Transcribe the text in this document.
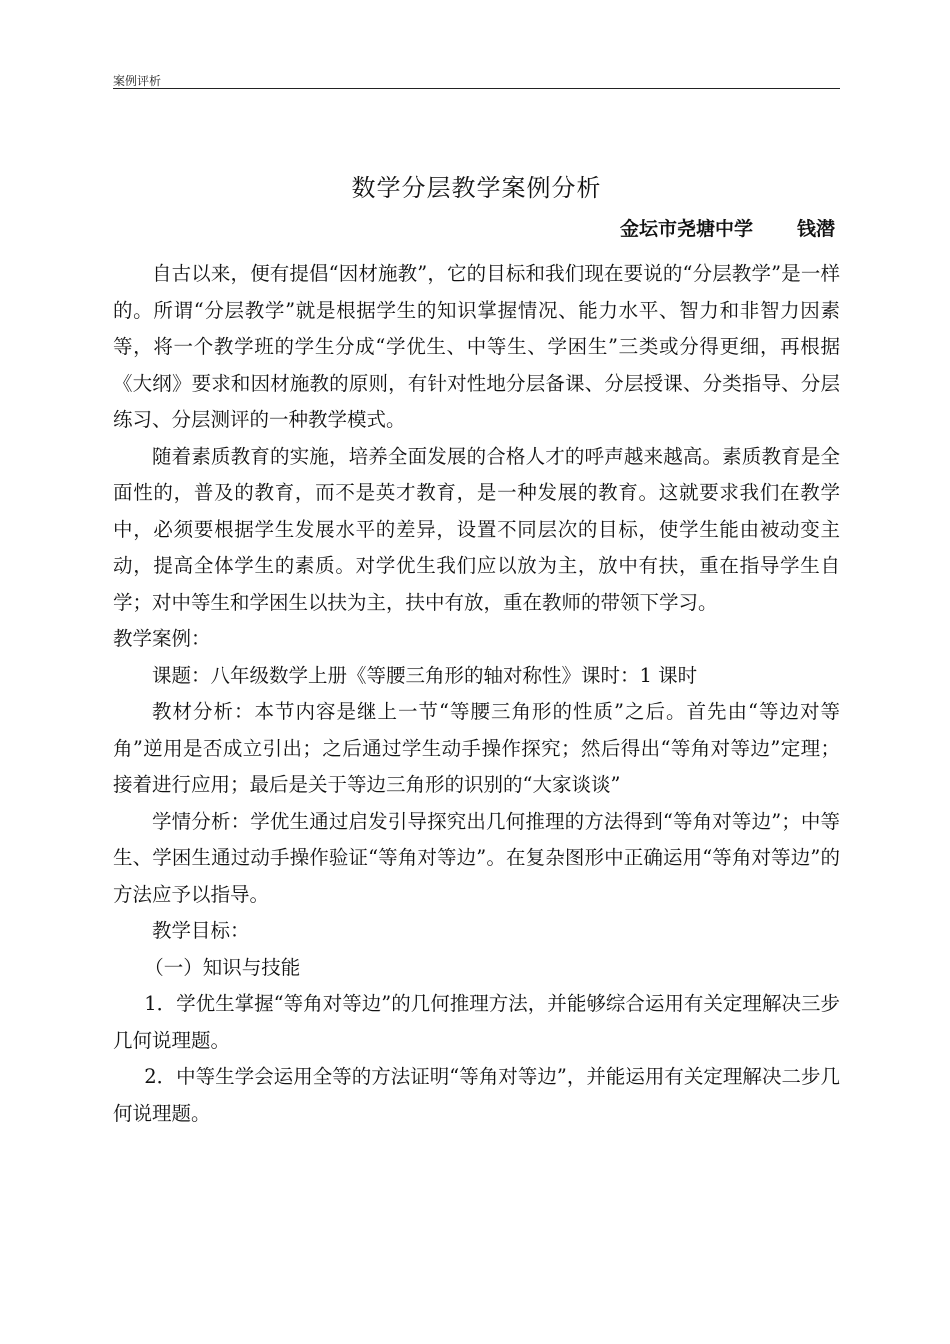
案例评析
数学分层教学案例分析
金坛市尧塘中学 钱潜

自古以来，便有提倡“因材施教”，它的目标和我们现在要说的“分层教学”是一样的。所谓“分层教学”就是根据学生的知识掌握情况、能力水平、智力和非智力因素等，将一个教学班的学生分成“学优生、中等生、学困生”三类或分得更细，再根据《大纲》要求和因材施教的原则，有针对性地分层备课、分层授课、分类指导、分层练习、分层测评的一种教学模式。

随着素质教育的实施，培养全面发展的合格人才的呼声越来越高。素质教育是全面性的，普及的教育，而不是英才教育，是一种发展的教育。这就要求我们在教学中，必须要根据学生发展水平的差异，设置不同层次的目标，使学生能由被动变主动，提高全体学生的素质。对学优生我们应以放为主，放中有扶，重在指导学生自学；对中等生和学困生以扶为主，扶中有放，重在教师的带领下学习。

教学案例：

课题：八年级数学上册《等腰三角形的轴对称性》课时：1 课时

教材分析：本节内容是继上一节“等腰三角形的性质”之后。首先由“等边对等角”逆用是否成立引出；之后通过学生动手操作探究；然后得出“等角对等边”定理；接着进行应用；最后是关于等边三角形的识别的“大家谈谈”

学情分析：学优生通过启发引导探究出几何推理的方法得到“等角对等边”；中等生、学困生通过动手操作验证“等角对等边”。在复杂图形中正确运用“等角对等边”的方法应予以指导。

教学目标：

（一）知识与技能

1．学优生掌握“等角对等边”的几何推理方法，并能够综合运用有关定理解决三步几何说理题。

2．中等生学会运用全等的方法证明“等角对等边”，并能运用有关定理解决二步几何说理题。
